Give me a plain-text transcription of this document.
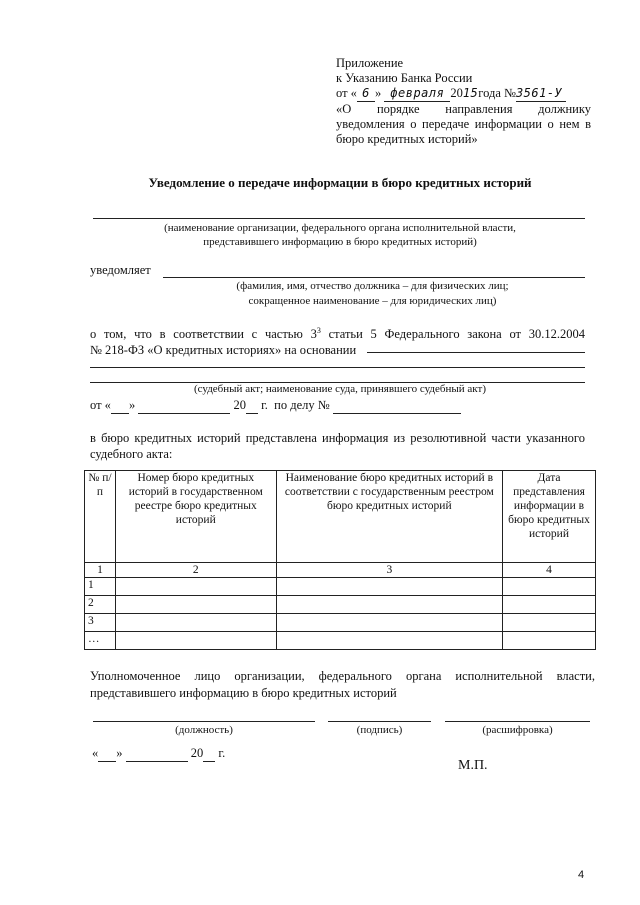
Приложение
к Указанию Банка России
от « 6 » февраля 2015года №3561-У
«О порядке направления должнику
уведомления о передаче информации о нем в
бюро кредитных историй»
Уведомление о передаче информации в бюро кредитных историй
(наименование организации, федерального органа исполнительной власти,
представившего информацию в бюро кредитных историй)
уведомляет
(фамилия, имя, отчество должника – для физических лиц;
сокращенное наименование – для юридических лиц)
о том, что в соответствии с частью $3^3$ статьи 5 Федерального закона от 30.12.2004
№ 218-ФЗ «О кредитных историях» на основании
(судебный акт; наименование суда, принявшего судебный акт)
от « »	20 г. по делу №
в бюро кредитных историй представлена информация из резолютивной части указанного
судебного акта:
№ п/п	Номер бюро кредитных историй в государственном реестре бюро кредитных историй	Наименование бюро кредитных историй в соответствии с государственным реестром бюро кредитных историй	Дата представления информации в бюро кредитных историй
1	2	3	4
1			
2			
3			
…			
Уполномоченное лицо организации, федерального органа исполнительной власти,
представившего информацию в бюро кредитных историй
(должность)	(подпись)	(расшифровка)
« »	20 г.
М.П.
4
